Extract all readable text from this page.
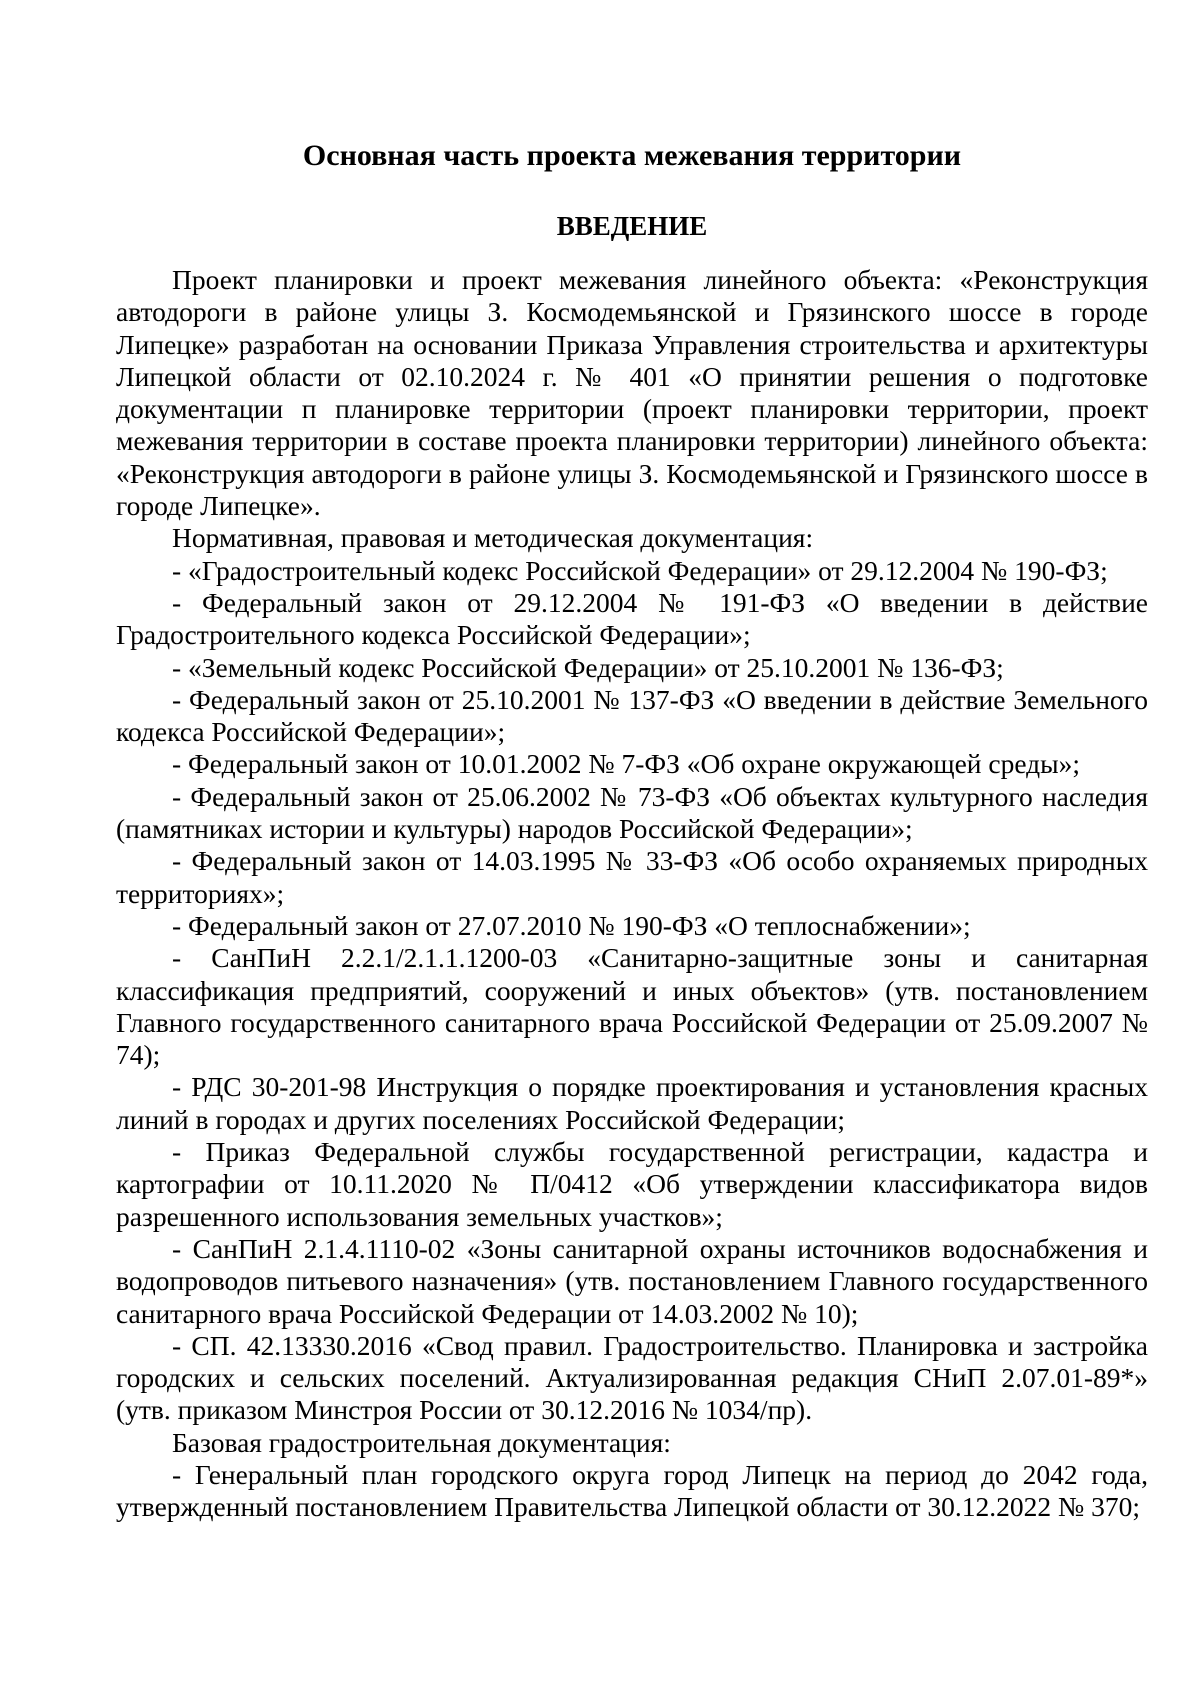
Основная часть проекта межевания территории
ВВЕДЕНИЕ

Проект планировки и проект межевания линейного объекта: «Реконструкция автодороги в районе улицы З. Космодемьянской и Грязинского шоссе в городе Липецке» разработан на основании Приказа Управления строительства и архитектуры Липецкой области от 02.10.2024 г. № 401 «О принятии решения о подготовке документации п планировке территории (проект планировки территории, проект межевания территории в составе проекта планировки территории) линейного объекта: «Реконструкция автодороги в районе улицы З. Космодемьянской и Грязинского шоссе в городе Липецке».

Нормативная, правовая и методическая документация:

- «Градостроительный кодекс Российской Федерации» от 29.12.2004 № 190-ФЗ;

- Федеральный закон от 29.12.2004 № 191-ФЗ «О введении в действие Градостроительного кодекса Российской Федерации»;

- «Земельный кодекс Российской Федерации» от 25.10.2001 № 136-ФЗ;

- Федеральный закон от 25.10.2001 № 137-ФЗ «О введении в действие Земельного кодекса Российской Федерации»;

- Федеральный закон от 10.01.2002 № 7-ФЗ «Об охране окружающей среды»;

- Федеральный закон от 25.06.2002 № 73-ФЗ «Об объектах культурного наследия (памятниках истории и культуры) народов Российской Федерации»;

- Федеральный закон от 14.03.1995 № 33-ФЗ «Об особо охраняемых природных территориях»;

- Федеральный закон от 27.07.2010 № 190-ФЗ «О теплоснабжении»;

- СанПиН 2.2.1/2.1.1.1200-03 «Санитарно-защитные зоны и санитарная классификация предприятий, сооружений и иных объектов» (утв. постановлением Главного государственного санитарного врача Российской Федерации от 25.09.2007 № 74);

- РДС 30-201-98 Инструкция о порядке проектирования и установления красных линий в городах и других поселениях Российской Федерации;

- Приказ Федеральной службы государственной регистрации, кадастра и картографии от 10.11.2020 № П/0412 «Об утверждении классификатора видов разрешенного использования земельных участков»;

- СанПиН 2.1.4.1110-02 «Зоны санитарной охраны источников водоснабжения и водопроводов питьевого назначения» (утв. постановлением Главного государственного санитарного врача Российской Федерации от 14.03.2002 № 10);

- СП. 42.13330.2016 «Свод правил. Градостроительство. Планировка и застройка городских и сельских поселений. Актуализированная редакция СНиП 2.07.01-89*» (утв. приказом Минстроя России от 30.12.2016 № 1034/пр).

Базовая градостроительная документация:

- Генеральный план городского округа город Липецк на период до 2042 года, утвержденный постановлением Правительства Липецкой области от 30.12.2022 № 370;
